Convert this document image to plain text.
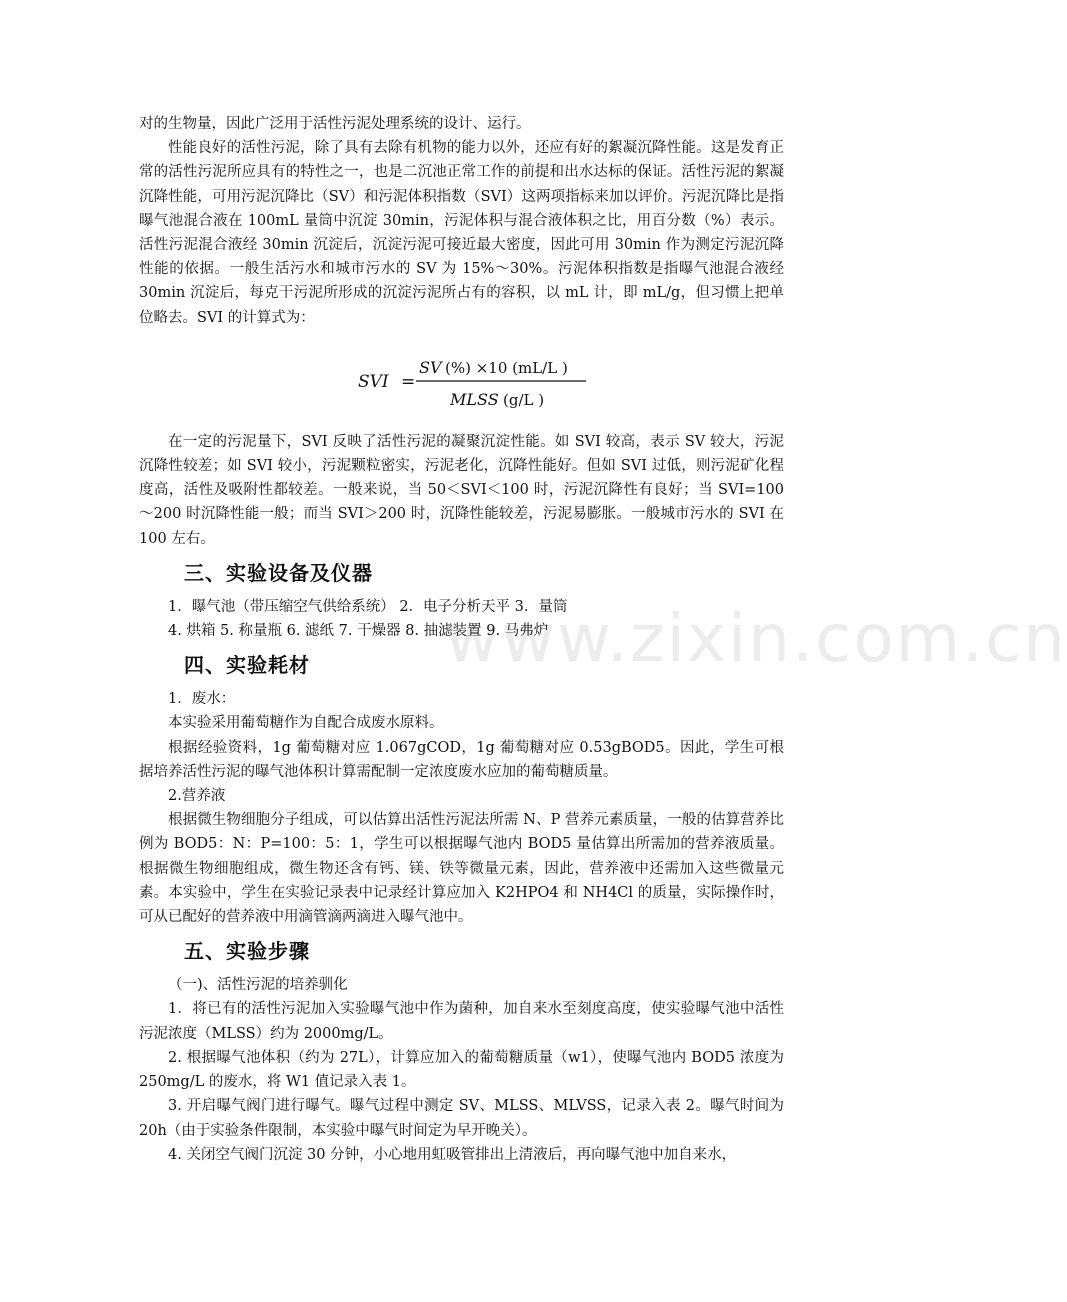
www.zixin.com.cn

对的生物量，因此广泛用于活性污泥处理系统的设计、运行。

性能良好的活性污泥，除了具有去除有机物的能力以外，还应有好的絮凝沉降性能。这是发育正常的活性污泥所应具有的特性之一，也是二沉池正常工作的前提和出水达标的保证。活性污泥的絮凝沉降性能，可用污泥沉降比（SV）和污泥体积指数（SVI）这两项指标来加以评价。污泥沉降比是指曝气池混合液在 100mL 量筒中沉淀 30min，污泥体积与混合液体积之比，用百分数（%）表示。活性污泥混合液经 30min 沉淀后，沉淀污泥可接近最大密度，因此可用 30min 作为测定污泥沉降性能的依据。一般生活污水和城市污水的 SV 为 15%～30%。污泥体积指数是指曝气池混合液经 30min 沉淀后，每克干污泥所形成的沉淀污泥所占有的容积，以 mL 计，即 mL/g，但习惯上把单位略去。SVI 的计算式为：

SVI =
SV (%) ×10 (mL/L )
MLSS (g/L )

在一定的污泥量下，SVI 反映了活性污泥的凝聚沉淀性能。如 SVI 较高，表示 SV 较大，污泥沉降性较差；如 SVI 较小，污泥颗粒密实，污泥老化，沉降性能好。但如 SVI 过低，则污泥矿化程度高，活性及吸附性都较差。一般来说，当 50＜SVI＜100 时，污泥沉降性有良好；当 SVI=100～200 时沉降性能一般；而当 SVI＞200 时，沉降性能较差，污泥易膨胀。一般城市污水的 SVI 在 100 左右。

三、实验设备及仪器

1．曝气池（带压缩空气供给系统） 2．电子分析天平 3．量筒

4. 烘箱 5. 称量瓶 6. 滤纸 7. 干燥器 8. 抽滤装置 9. 马弗炉

四、实验耗材

1．废水：

本实验采用葡萄糖作为自配合成废水原料。

根据经验资料，1g 葡萄糖对应 1.067gCOD，1g 葡萄糖对应 0.53gBOD5。因此，学生可根据培养活性污泥的曝气池体积计算需配制一定浓度废水应加的葡萄糖质量。

2.营养液

根据微生物细胞分子组成，可以估算出活性污泥法所需 N、P 营养元素质量，一般的估算营养比例为 BOD5：N：P=100：5：1，学生可以根据曝气池内 BOD5 量估算出所需加的营养液质量。根据微生物细胞组成，微生物还含有钙、镁、铁等微量元素，因此，营养液中还需加入这些微量元素。本实验中，学生在实验记录表中记录经计算应加入 K2HPO4 和 NH4Cl 的质量，实际操作时，可从已配好的营养液中用滴管滴两滴进入曝气池中。

五、实验步骤

（一)、活性污泥的培养驯化

1．将已有的活性污泥加入实验曝气池中作为菌种，加自来水至刻度高度，使实验曝气池中活性污泥浓度（MLSS）约为 2000mg/L。

2. 根据曝气池体积（约为 27L），计算应加入的葡萄糖质量（w1），使曝气池内 BOD5 浓度为 250mg/L 的废水，将 W1 值记录入表 1。

3. 开启曝气阀门进行曝气。曝气过程中测定 SV、MLSS、MLVSS，记录入表 2。曝气时间为 20h（由于实验条件限制，本实验中曝气时间定为早开晚关）。

4. 关闭空气阀门沉淀 30 分钟，小心地用虹吸管排出上清液后，再向曝气池中加自来水，
